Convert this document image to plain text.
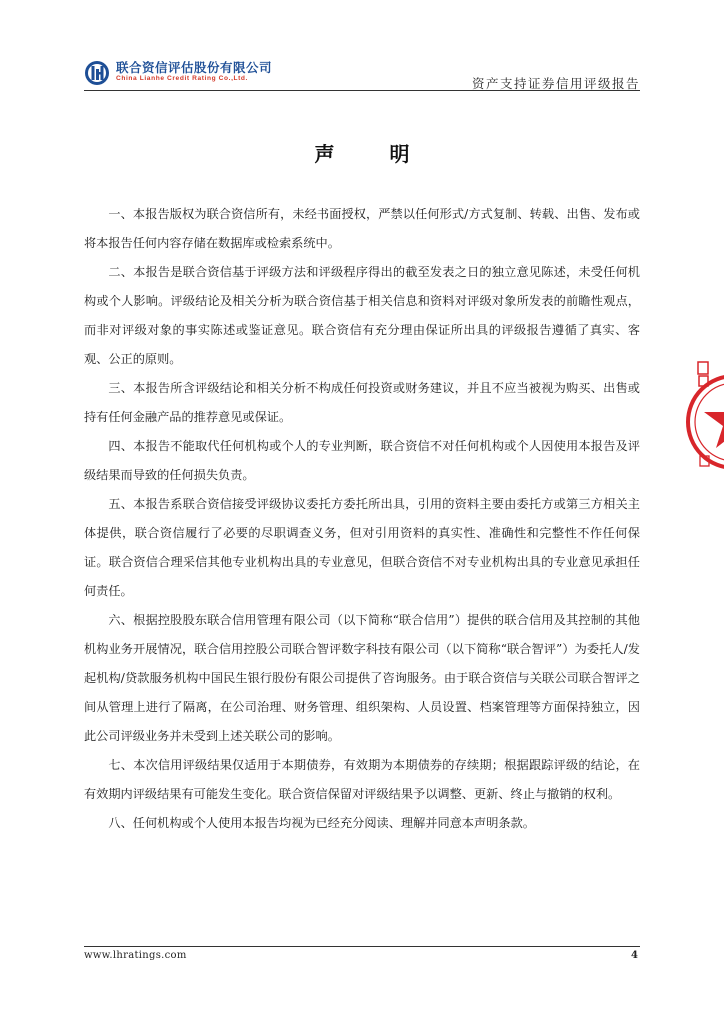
联合资信评估股份有限公司
China Lianhe Credit Rating Co.,Ltd.	资产支持证券信用评级报告
声 明

一、本报告版权为联合资信所有，未经书面授权，严禁以任何形式/方式复制、转载、出售、发布或将本报告任何内容存储在数据库或检索系统中。

二、本报告是联合资信基于评级方法和评级程序得出的截至发表之日的独立意见陈述，未受任何机构或个人影响。评级结论及相关分析为联合资信基于相关信息和资料对评级对象所发表的前瞻性观点，而非对评级对象的事实陈述或鉴证意见。联合资信有充分理由保证所出具的评级报告遵循了真实、客观、公正的原则。

三、本报告所含评级结论和相关分析不构成任何投资或财务建议，并且不应当被视为购买、出售或持有任何金融产品的推荐意见或保证。

四、本报告不能取代任何机构或个人的专业判断，联合资信不对任何机构或个人因使用本报告及评级结果而导致的任何损失负责。

五、本报告系联合资信接受评级协议委托方委托所出具，引用的资料主要由委托方或第三方相关主体提供，联合资信履行了必要的尽职调查义务，但对引用资料的真实性、准确性和完整性不作任何保证。联合资信合理采信其他专业机构出具的专业意见，但联合资信不对专业机构出具的专业意见承担任何责任。

六、根据控股股东联合信用管理有限公司（以下简称“联合信用”）提供的联合信用及其控制的其他机构业务开展情况，联合信用控股公司联合智评数字科技有限公司（以下简称“联合智评”）为委托人/发起机构/贷款服务机构中国民生银行股份有限公司提供了咨询服务。由于联合资信与关联公司联合智评之间从管理上进行了隔离，在公司治理、财务管理、组织架构、人员设置、档案管理等方面保持独立，因此公司评级业务并未受到上述关联公司的影响。

七、本次信用评级结果仅适用于本期债券，有效期为本期债券的存续期；根据跟踪评级的结论，在有效期内评级结果有可能发生变化。联合资信保留对评级结果予以调整、更新、终止与撤销的权利。

八、任何机构或个人使用本报告均视为已经充分阅读、理解并同意本声明条款。

www.lhratings.com	4
